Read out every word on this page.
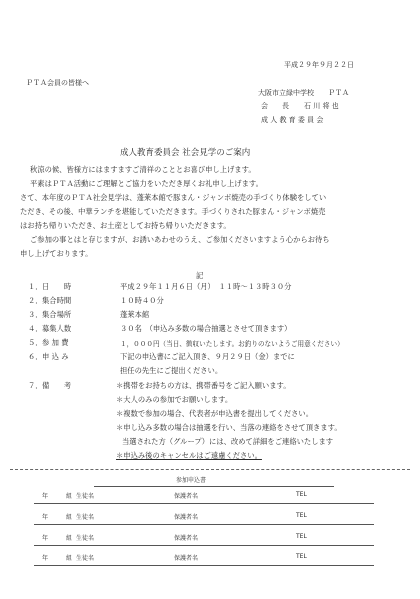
平成２９年９月２２日
ＰＴＡ会員の皆様へ
大阪市立緑中学校　　ＰＴＡ
会　　長 石 川 将 也
成 人 教 育 委 員 会
成人教育委員会 社会見学のご案内
秋涼の候、皆様方にはますますご清祥のこととお喜び申し上げます。
平素はＰＴＡ活動にご理解とご協力をいただき厚くお礼申し上げます。
さて、本年度のＰＴＡ社会見学は、蓬莱本館で豚まん・ジャンボ焼売の手づくり体験をしてい
ただき、その後、中華ランチを堪能していただきます。手づくりされた豚まん・ジャンボ焼売
はお持ち帰りいただき、お土産としてお持ち帰りいただきます。
ご参加の事とはと存じますが、お誘いあわせのうえ、ご参加くださいますよう心からお待ち
申し上げております。
記
１．日　　時	平成２９年１１月６日（月）　１１時～１３時３０分
２．集合時間	１０時４０分
３．集合場所	蓬莱本館
４．募集人数	３０名　（申込み多数の場合抽選とさせて頂きます）
５．参 加 費	１，０００円（当日、徴収いたします。お釣りのないようご用意ください）
６．申 込 み	下記の申込書にご記入頂き、９月２９日（金）までに
担任の先生にご提出ください。
７．備　　考	＊携帯をお持ちの方は、携帯番号をご記入願います。
＊大人のみの参加でお願いします。
＊複数で参加の場合、代表者が申込書を提出してください。
＊申し込み多数の場合は抽選を行い、当落の連絡をさせて頂きます。
当選された方（グループ）には、改めて詳細をご連絡いたします
＊申込み後のキャンセルはご遠慮ください。
参加申込書
年	組 生徒名	保護者名	TEL
年	組 生徒名	保護者名	TEL
年	組 生徒名	保護者名	TEL
年	組 生徒名	保護者名	TEL
